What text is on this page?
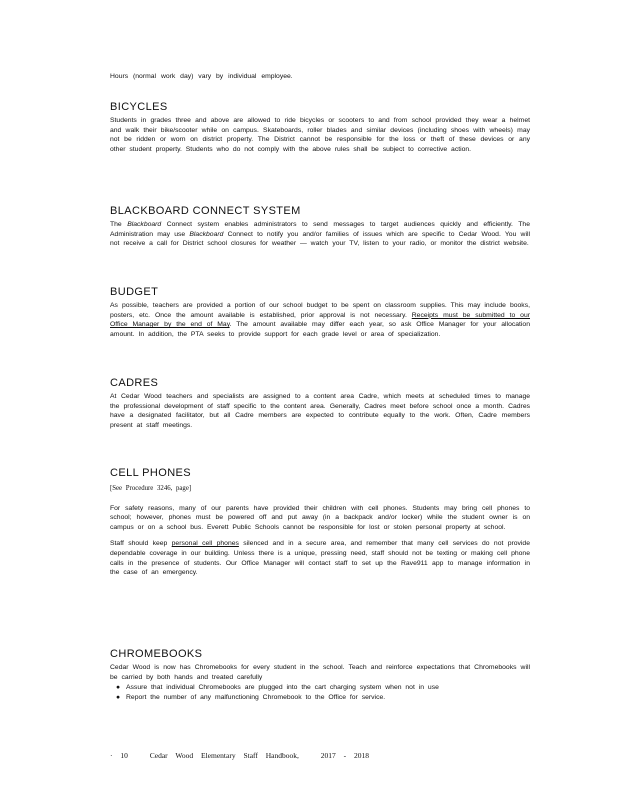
Hours (normal work day) vary by individual employee.
BICYCLES

Students in grades three and above are allowed to ride bicycles or scooters to and from school provided they wear a helmet and walk their bike/scooter while on campus. Skateboards, roller blades and similar devices (including shoes with wheels) may not be ridden or worn on district property. The District cannot be responsible for the loss or theft of these devices or any other student property. Students who do not comply with the above rules shall be subject to corrective action.

BLACKBOARD CONNECT SYSTEM

The Blackboard Connect system enables administrators to send messages to target audiences quickly and efficiently. The Administration may use Blackboard Connect to notify you and/or families of issues which are specific to Cedar Wood. You will not receive a call for District school closures for weather — watch your TV, listen to your radio, or monitor the district website.

BUDGET

As possible, teachers are provided a portion of our school budget to be spent on classroom supplies. This may include books, posters, etc. Once the amount available is established, prior approval is not necessary. Receipts must be submitted to our Office Manager by the end of May. The amount available may differ each year, so ask Office Manager for your allocation amount. In addition, the PTA seeks to provide support for each grade level or area of specialization.

CADRES

At Cedar Wood teachers and specialists are assigned to a content area Cadre, which meets at scheduled times to manage the professional development of staff specific to the content area. Generally, Cadres meet before school once a month. Cadres have a designated facilitator, but all Cadre members are expected to contribute equally to the work. Often, Cadre members present at staff meetings.

CELL PHONES

[See Procedure 3246, page]

For safety reasons, many of our parents have provided their children with cell phones. Students may bring cell phones to school; however, phones must be powered off and put away (in a backpack and/or locker) while the student owner is on campus or on a school bus. Everett Public Schools cannot be responsible for lost or stolen personal property at school.

Staff should keep personal cell phones silenced and in a secure area, and remember that many cell services do not provide dependable coverage in our building. Unless there is a unique, pressing need, staff should not be texting or making cell phone calls in the presence of students. Our Office Manager will contact staff to set up the Rave911 app to manage information in the case of an emergency.

CHROMEBOOKS

Cedar Wood is now has Chromebooks for every student in the school. Teach and reinforce expectations that Chromebooks will be carried by both hands and treated carefully

● Assure that individual Chromebooks are plugged into the cart charging system when not in use
● Report the number of any malfunctioning Chromebook to the Office for service.
· 10	Cedar Wood Elementary Staff Handbook,	2017 - 2018
